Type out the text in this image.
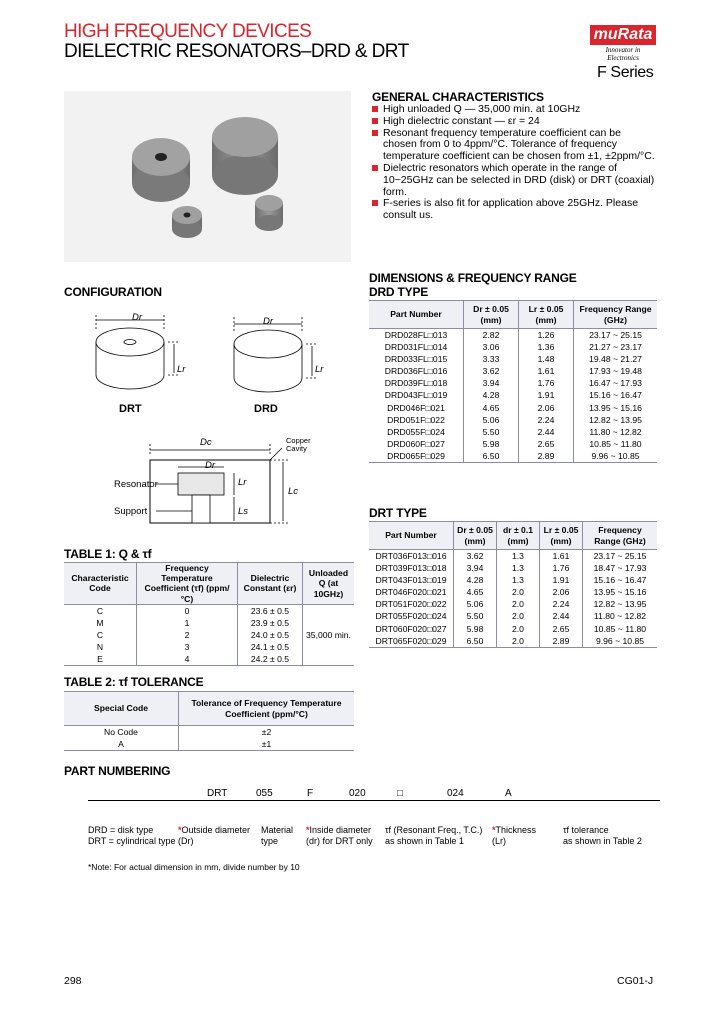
HIGH FREQUENCY DEVICES
DIELECTRIC RESONATORS–DRD & DRT
muRata
Innovator in Electronics
F Series
GENERAL CHARACTERISTICS
High unloaded Q — 35,000 min. at 10GHz
High dielectric constant — εr = 24
Resonant frequency temperature coefficient can be chosen from 0 to 4ppm/°C. Tolerance of frequency temperature coefficient can be chosen from ±1, ±2ppm/°C.
Dielectric resonators which operate in the range of 10~25GHz can be selected in DRD (disk) or DRT (coaxial) form.
F-series is also fit for application above 25GHz. Please consult us.
CONFIGURATION
Dr
Lr
Dr
Lr
DRT	DRD
Dc
Dr
Copper Cavity
Resonator
Support
Lr
Ls
Lc
DIMENSIONS & FREQUENCY RANGE
DRD TYPE
Part Number	Dr ± 0.05 (mm)	Lr ± 0.05 (mm)	Frequency Range (GHz)
DRD028FL□013	2.82	1.26	23.17 ~ 25.15
DRD031FL□014	3.06	1.36	21.27 ~ 23.17
DRD033FL□015	3.33	1.48	19.48 ~ 21.27
DRD036FL□016	3.62	1.61	17.93 ~ 19.48
DRD039FL□018	3.94	1.76	16.47 ~ 17.93
DRD043FL□019	4.28	1.91	15.16 ~ 16.47
DRD046F□021	4.65	2.06	13.95 ~ 15.16
DRD051F□022	5.06	2.24	12.82 ~ 13.95
DRD055F□024	5.50	2.44	11.80 ~ 12.82
DRD060F□027	5.98	2.65	10.85 ~ 11.80
DRD065F□029	6.50	2.89	9.96 ~ 10.85
DRT TYPE
Part Number	Dr ± 0.05 (mm)	dr ± 0.1 (mm)	Lr ± 0.05 (mm)	Frequency Range (GHz)
DRT036F013□016	3.62	1.3	1.61	23.17 ~ 25.15
DRT039F013□018	3.94	1.3	1.76	18.47 ~ 17.93
DRT043F013□019	4.28	1.3	1.91	15.16 ~ 16.47
DRT046F020□021	4.65	2.0	2.06	13.95 ~ 15.16
DRT051F020□022	5.06	2.0	2.24	12.82 ~ 13.95
DRT055F020□024	5.50	2.0	2.44	11.80 ~ 12.82
DRT060F020□027	5.98	2.0	2.65	10.85 ~ 11.80
DRT065F020□029	6.50	2.0	2.89	9.96 ~ 10.85
TABLE 1: Q & τf
Characteristic Code	Frequency Temperature Coefficient (τf) (ppm/°C)	Dielectric Constant (εr)	Unloaded Q (at 10GHz)
C	0	23.6 ± 0.5	35,000 min.
M	1	23.9 ± 0.5	
C	2	24.0 ± 0.5	
N	3	24.1 ± 0.5	
E	4	24.2 ± 0.5	
TABLE 2: τf TOLERANCE
Special Code	Tolerance of Frequency Temperature Coefficient (ppm/°C)
No Code	±2
A	±1
PART NUMBERING
DRT	055	F	020	□	024	A
DRD = disk type
DRT = cylindrical type
*Outside diameter
(Dr)
Material
type
*Inside diameter
(dr) for DRT only
τf (Resonant Freq., T.C.)
as shown in Table 1
*Thickness
(Lr)
τf tolerance
as shown in Table 2
*Note: For actual dimension in mm, divide number by 10
298	CG01-J
